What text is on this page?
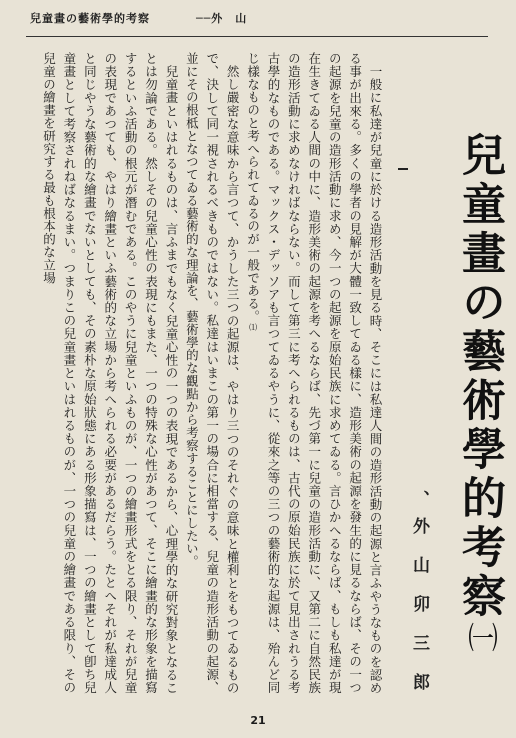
兒童畫の藝術學的考察	──外　山
兒童畫の藝術學的考察㈠
、外山卯三郎

一般に私達が兒童に於ける造形活動を見る時、そこには私達人間の造形活動の起源と言ふやうなものを認める事が出來る。多くの學者の見解が大體一致してゐる樣に、造形美術の起源を發生的に見るならば、その一つの起源を兒童の造形活動に求め、今一つの起源を原始民族に求めてゐる。言ひかへるならば、もしも私達が現在生きてゐる人間の中に、造形美術の起源を考へるならば、先づ第一に兒童の造形活動に、又第二に自然民族の造形活動に求めなければならない。而して第三に考へられるものは、古代の原始民族に於て見出されうる考古學的なものである。マックス・デッソアも言つてゐるやうに、從來之等の三つの藝術的な起源は、殆んど同じ樣なものと考へられてゐるのが一般である。⑴

然し嚴密な意味から言つて、かうした三つの起源は、やはり三つのそれぐの意味と權利とをもつてゐるもので、決して同一視されるべきものではない。私達はいまこの第一の場合に相當する、兒童の造形活動の起源、並にその根柢となつてゐる藝術的な理論を、藝術學的な觀點から考察することにしたい。

兒童畫といはれるものは、言ふまでもなく兒童心性の一つの表現であるから、心理學的な研究對象となることは勿論である。然しその兒童心性の表現にもまた、一つの特殊な心性があつて、そこに繪畫的な形象を描寫するといふ活動の根元が潛むである。このやうに兒童といふものが、一つの繪畫形式をとる限り、それが兒童の表現であつても、やはり繪畫といふ藝術的な立場から考へられる必要があるだらう。たとへそれが私達成人と同じやうな藝術的な繪畫でないとしても、その素朴な原始狀態にある形象描寫は、一つの繪畫として卽ち兒童畫として考察されねばなるまい。つまりこの兒童畫といはれるものが、一つの兒童の繪畫である限り、その兒童の繪畫を研究する最も根本的な立場

21
